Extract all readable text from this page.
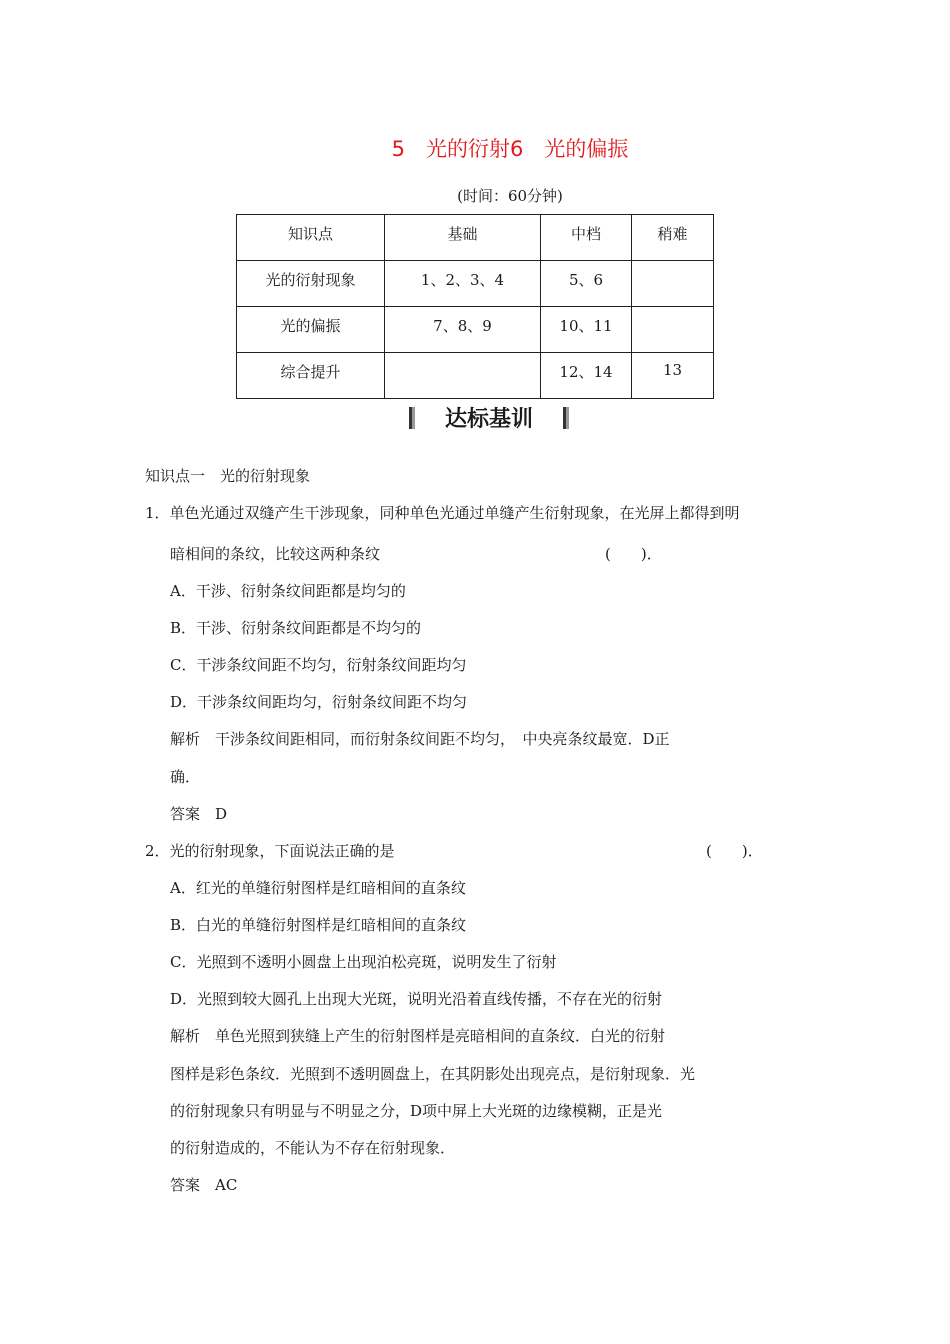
5　光的衍射6　光的偏振
(时间：60分钟)
知识点	基础	中档	稍难
光的衍射现象	1、2、3、4	5、6	
光的偏振	7、8、9	10、11	
综合提升		12、14	13
达标基训
知识点一　光的衍射现象
1．单色光通过双缝产生干涉现象，同种单色光通过单缝产生衍射现象，在光屏上都得到明
暗相间的条纹，比较这两种条纹	(　　)．
A．干涉、衍射条纹间距都是均匀的
B．干涉、衍射条纹间距都是不均匀的
C．干涉条纹间距不均匀，衍射条纹间距均匀
D．干涉条纹间距均匀，衍射条纹间距不均匀
解析　干涉条纹间距相同，而衍射条纹间距不均匀，　中央亮条纹最宽．D正
确．
答案　D
2．光的衍射现象，下面说法正确的是	(　　)．
A．红光的单缝衍射图样是红暗相间的直条纹
B．白光的单缝衍射图样是红暗相间的直条纹
C．光照到不透明小圆盘上出现泊松亮斑，说明发生了衍射
D．光照到较大圆孔上出现大光斑，说明光沿着直线传播，不存在光的衍射
解析　单色光照到狭缝上产生的衍射图样是亮暗相间的直条纹．白光的衍射
图样是彩色条纹．光照到不透明圆盘上，在其阴影处出现亮点，是衍射现象．光
的衍射现象只有明显与不明显之分，D项中屏上大光斑的边缘模糊，正是光
的衍射造成的，不能认为不存在衍射现象．
答案　AC
